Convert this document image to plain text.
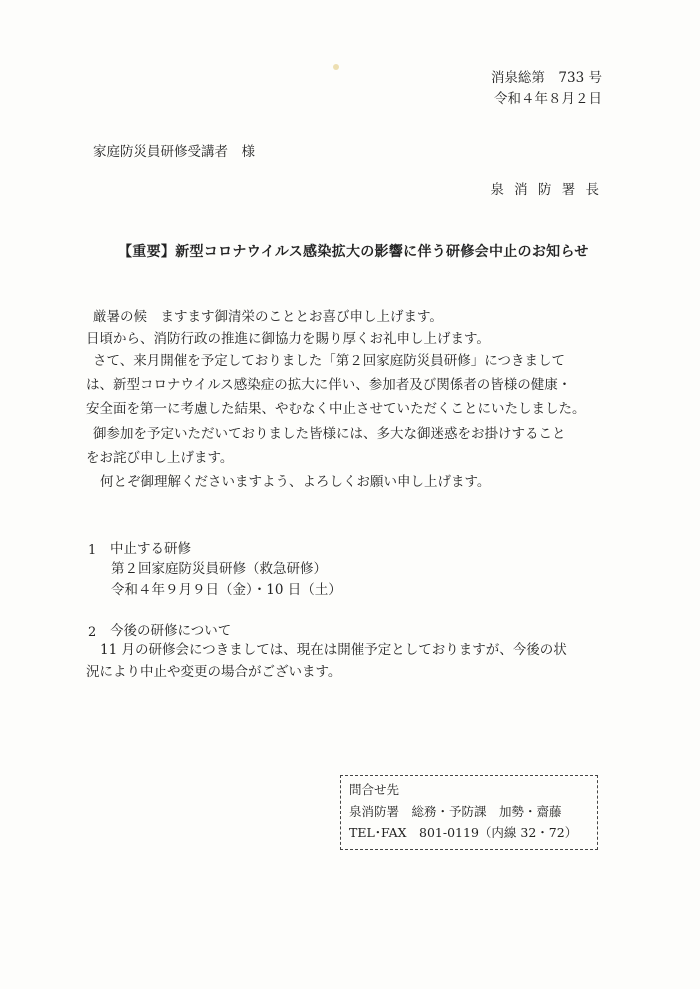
消泉総第　733 号
令和４年８月２日
家庭防災員研修受講者　様
泉 消 防 署 長
【重要】新型コロナウイルス感染拡大の影響に伴う研修会中止のお知らせ
厳暑の候　ますます御清栄のこととお喜び申し上げます。
日頃から、消防行政の推進に御協力を賜り厚くお礼申し上げます。
さて、来月開催を予定しておりました「第２回家庭防災員研修」につきまして
は、新型コロナウイルス感染症の拡大に伴い、参加者及び関係者の皆様の健康・
安全面を第一に考慮した結果、やむなく中止させていただくことにいたしました。
御参加を予定いただいておりました皆様には、多大な御迷惑をお掛けすること
をお詫び申し上げます。
何とぞ御理解くださいますよう、よろしくお願い申し上げます。
1 中止する研修
第２回家庭防災員研修（救急研修）
令和４年９月９日（金）・10 日（土）
2 今後の研修について
11 月の研修会につきましては、現在は開催予定としておりますが、今後の状
況により中止や変更の場合がございます。
問合せ先
泉消防署　総務・予防課　加勢・齋藤
TEL･FAX　801-0119（内線 32・72）
